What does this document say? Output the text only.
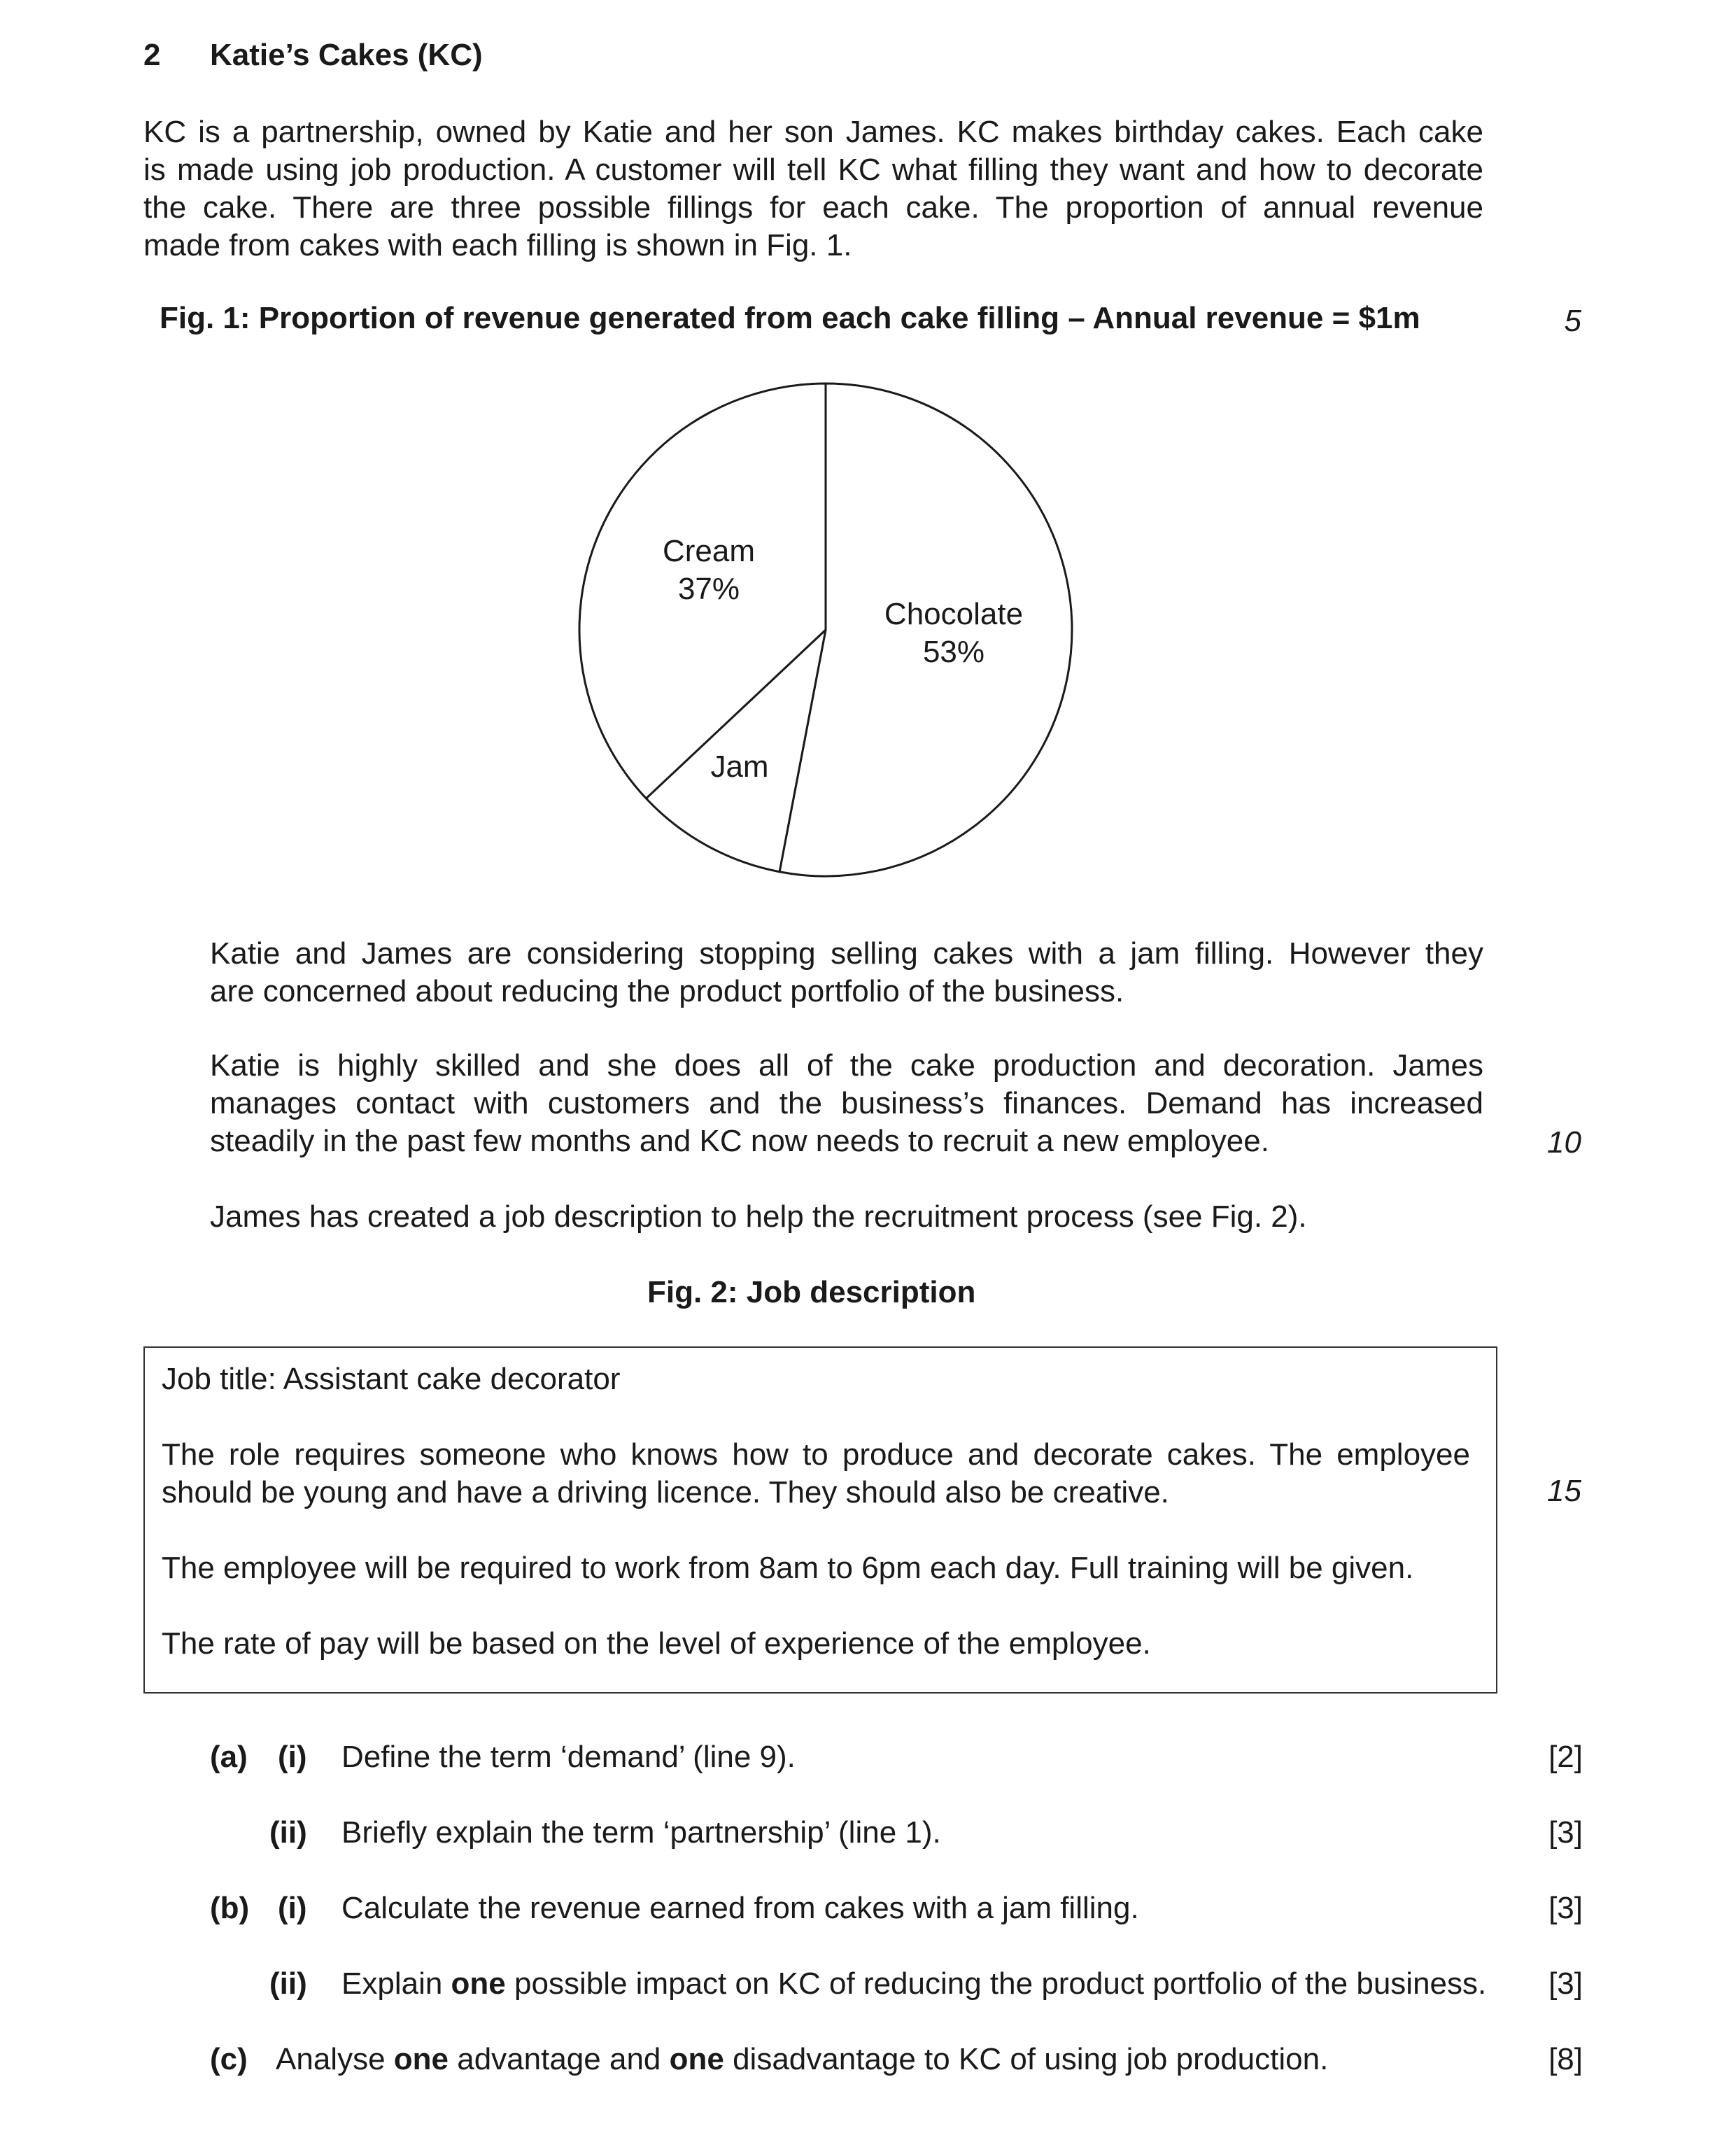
2 Katie’s Cakes (KC)

KC is a partnership, owned by Katie and her son James. KC makes birthday cakes. Each cake

is made using job production. A customer will tell KC what filling they want and how to decorate

the cake. There are three possible fillings for each cake. The proportion of annual revenue

made from cakes with each filling is shown in Fig. 1.

Fig. 1: Proportion of revenue generated from each cake filling – Annual revenue = $1m	5
Chocolate
53%
Cream
37%
Jam

Katie and James are considering stopping selling cakes with a jam filling. However they

are concerned about reducing the product portfolio of the business.

Katie is highly skilled and she does all of the cake production and decoration. James

manages contact with customers and the business’s finances. Demand has increased

steadily in the past few months and KC now needs to recruit a new employee.	10
James has created a job description to help the recruitment process (see Fig. 2).
Fig. 2: Job description
Job title: Assistant cake decorator

The role requires someone who knows how to produce and decorate cakes. The employee

should be young and have a driving licence. They should also be creative.

The employee will be required to work from 8am to 6pm each day. Full training will be given.
The rate of pay will be based on the level of experience of the employee.
15
(a) (i) Define the term ‘demand’ (line 9).	[2]
(ii) Briefly explain the term ‘partnership’ (line 1).	[3]
(b) (i) Calculate the revenue earned from cakes with a jam filling.	[3]
(ii) Explain one possible impact on KC of reducing the product portfolio of the business. [3]
(c) Analyse one advantage and one disadvantage to KC of using job production.	[8]
